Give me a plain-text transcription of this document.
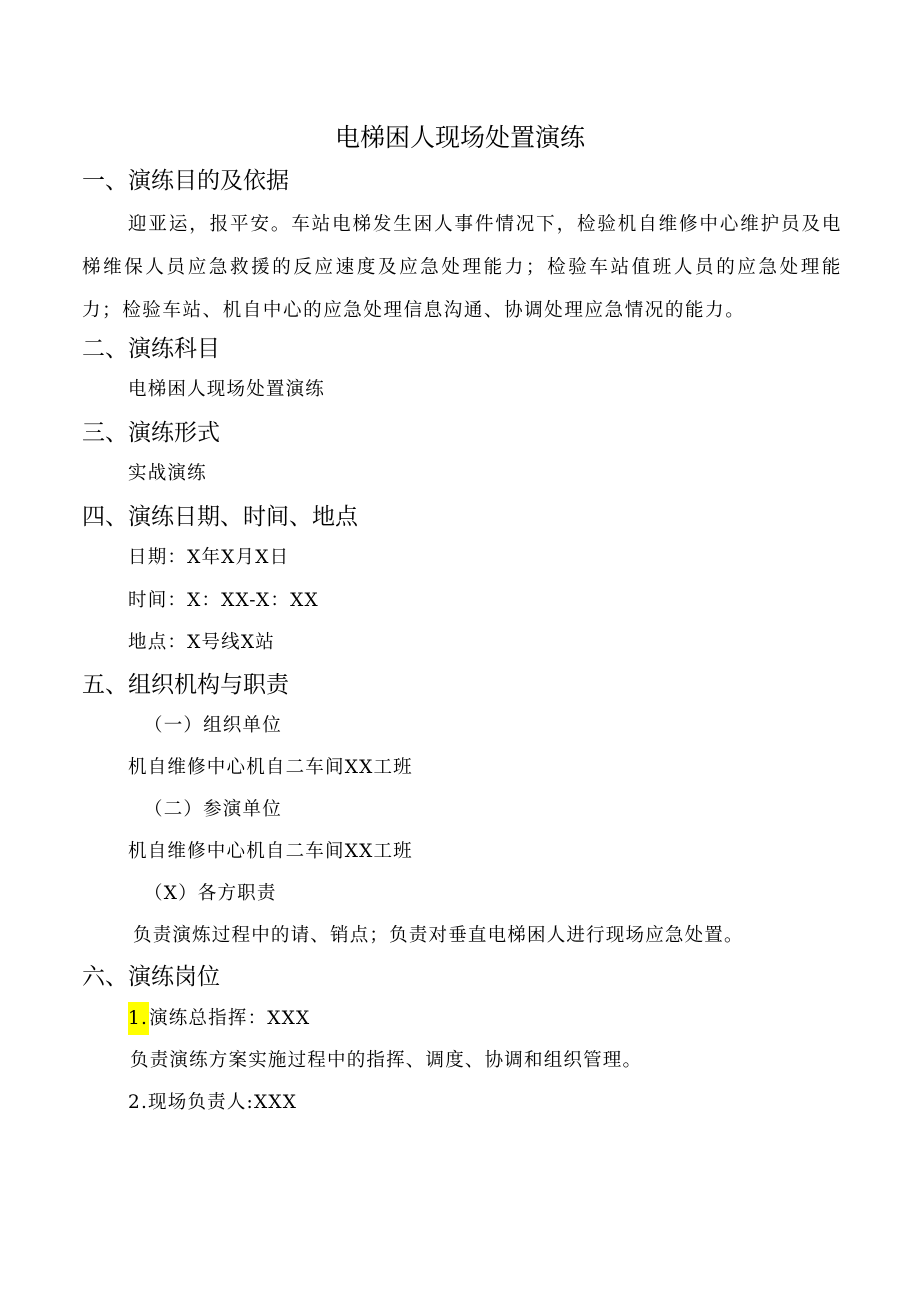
电梯困人现场处置演练
一、演练目的及依据
迎亚运，报平安。车站电梯发生困人事件情况下，检验机自维修中心维护员及电梯维保人员应急救援的反应速度及应急处理能力；检验车站值班人员的应急处理能力；检验车站、机自中心的应急处理信息沟通、协调处理应急情况的能力。
二、演练科目
电梯困人现场处置演练
三、演练形式
实战演练
四、演练日期、时间、地点
日期：X年X月X日
时间：X：XX-X：XX
地点：X号线X站
五、组织机构与职责
（一）组织单位
机自维修中心机自二车间XX工班
（二）参演单位
机自维修中心机自二车间XX工班
（X）各方职责
负责演炼过程中的请、销点；负责对垂直电梯困人进行现场应急处置。
六、演练岗位
1.演练总指挥：XXX
负责演练方案实施过程中的指挥、调度、协调和组织管理。
2.现场负责人:XXX
